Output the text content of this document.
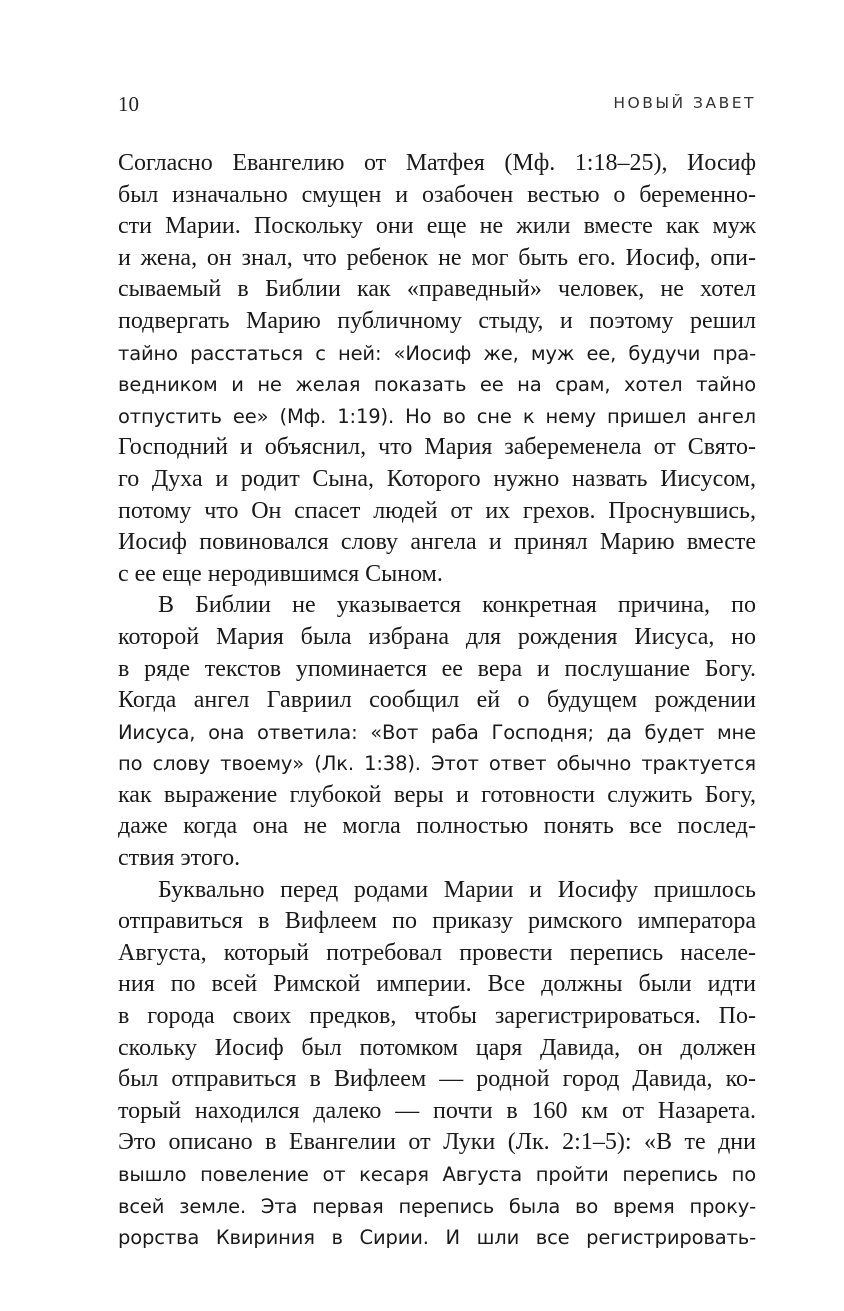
10	НОВЫЙ ЗАВЕТ
Согласно Евангелию от Матфея (Мф. 1:18–25), Иосиф
был изначально смущен и озабочен вестью о беременно-
сти Марии. Поскольку они еще не жили вместе как муж
и жена, он знал, что ребенок не мог быть его. Иосиф, опи-
сываемый в Библии как «праведный» человек, не хотел
подвергать Марию публичному стыду, и поэтому решил
тайно расстаться с ней: «Иосиф же, муж ее, будучи пра-
ведником и не желая показать ее на срам, хотел тайно
отпустить ее» (Мф. 1:19). Но во сне к нему пришел ангел
Господний и объяснил, что Мария забеременела от Свято-
го Духа и родит Сына, Которого нужно назвать Иисусом,
потому что Он спасет людей от их грехов. Проснувшись,
Иосиф повиновался слову ангела и принял Марию вместе
с ее еще неродившимся Сыном.
В Библии не указывается конкретная причина, по
которой Мария была избрана для рождения Иисуса, но
в ряде текстов упоминается ее вера и послушание Богу.
Когда ангел Гавриил сообщил ей о будущем рождении
Иисуса, она ответила: «Вот раба Господня; да будет мне
по слову твоему» (Лк. 1:38). Этот ответ обычно трактуется
как выражение глубокой веры и готовности служить Богу,
даже когда она не могла полностью понять все послед-
ствия этого.
Буквально перед родами Марии и Иосифу пришлось
отправиться в Вифлеем по приказу римского императора
Августа, который потребовал провести перепись населе-
ния по всей Римской империи. Все должны были идти
в города своих предков, чтобы зарегистрироваться. По-
скольку Иосиф был потомком царя Давида, он должен
был отправиться в Вифлеем — родной город Давида, ко-
торый находился далеко — почти в 160 км от Назарета.
Это описано в Евангелии от Луки (Лк. 2:1–5): «В те дни
вышло повеление от кесаря Августа пройти перепись по
всей земле. Эта первая перепись была во время проку-
рорства Квириния в Сирии. И шли все регистрировать-
